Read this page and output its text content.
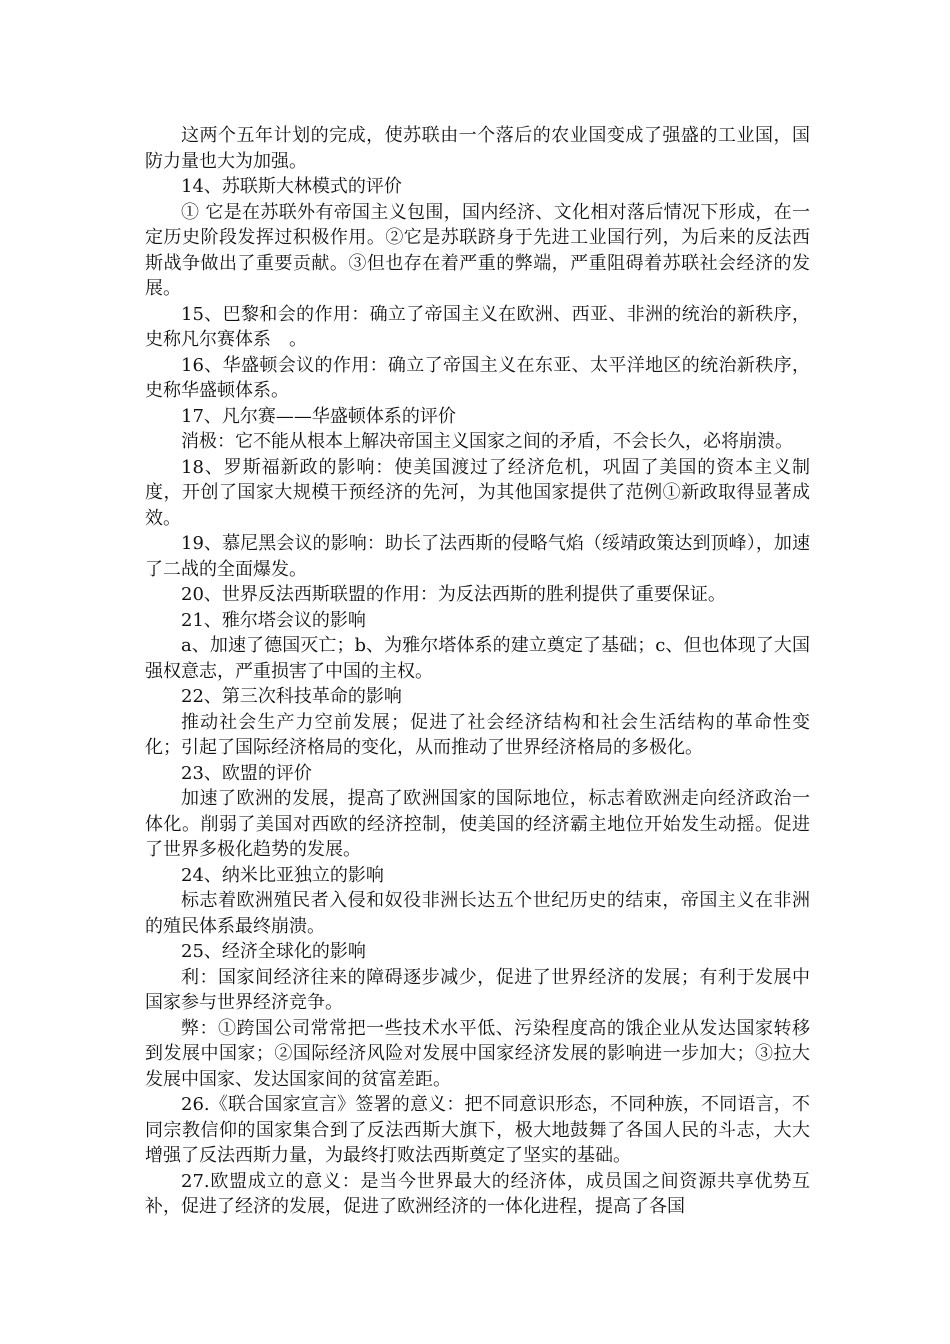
这两个五年计划的完成，使苏联由一个落后的农业国变成了强盛的工业国，国防力量也大为加强。

14、苏联斯大林模式的评价

① 它是在苏联外有帝国主义包围，国内经济、文化相对落后情况下形成，在一定历史阶段发挥过积极作用。②它是苏联跻身于先进工业国行列，为后来的反法西斯战争做出了重要贡献。③但也存在着严重的弊端，严重阻碍着苏联社会经济的发展。

15、巴黎和会的作用：确立了帝国主义在欧洲、西亚、非洲的统治的新秩序，史称凡尔赛体系　。

16、华盛顿会议的作用：确立了帝国主义在东亚、太平洋地区的统治新秩序，史称华盛顿体系。

17、凡尔赛——华盛顿体系的评价

消极：它不能从根本上解决帝国主义国家之间的矛盾，不会长久，必将崩溃。

18、罗斯福新政的影响：使美国渡过了经济危机，巩固了美国的资本主义制度，开创了国家大规模干预经济的先河，为其他国家提供了范例①新政取得显著成效。

19、慕尼黑会议的影响：助长了法西斯的侵略气焰（绥靖政策达到顶峰），加速了二战的全面爆发。

20、世界反法西斯联盟的作用：为反法西斯的胜利提供了重要保证。

21、雅尔塔会议的影响

a、加速了德国灭亡；b、为雅尔塔体系的建立奠定了基础；c、但也体现了大国强权意志，严重损害了中国的主权。

22、第三次科技革命的影响

推动社会生产力空前发展；促进了社会经济结构和社会生活结构的革命性变化；引起了国际经济格局的变化，从而推动了世界经济格局的多极化。

23、欧盟的评价

加速了欧洲的发展，提高了欧洲国家的国际地位，标志着欧洲走向经济政治一体化。削弱了美国对西欧的经济控制，使美国的经济霸主地位开始发生动摇。促进了世界多极化趋势的发展。

24、纳米比亚独立的影响

标志着欧洲殖民者入侵和奴役非洲长达五个世纪历史的结束，帝国主义在非洲的殖民体系最终崩溃。

25、经济全球化的影响

利：国家间经济往来的障碍逐步减少，促进了世界经济的发展；有利于发展中国家参与世界经济竞争。

弊：①跨国公司常常把一些技术水平低、污染程度高的饿企业从发达国家转移到发展中国家；②国际经济风险对发展中国家经济发展的影响进一步加大；③拉大发展中国家、发达国家间的贫富差距。

26.《联合国家宣言》签署的意义：把不同意识形态，不同种族，不同语言，不同宗教信仰的国家集合到了反法西斯大旗下，极大地鼓舞了各国人民的斗志，大大增强了反法西斯力量，为最终打败法西斯奠定了坚实的基础。

27.欧盟成立的意义：是当今世界最大的经济体，成员国之间资源共享优势互补，促进了经济的发展，促进了欧洲经济的一体化进程，提高了各国
